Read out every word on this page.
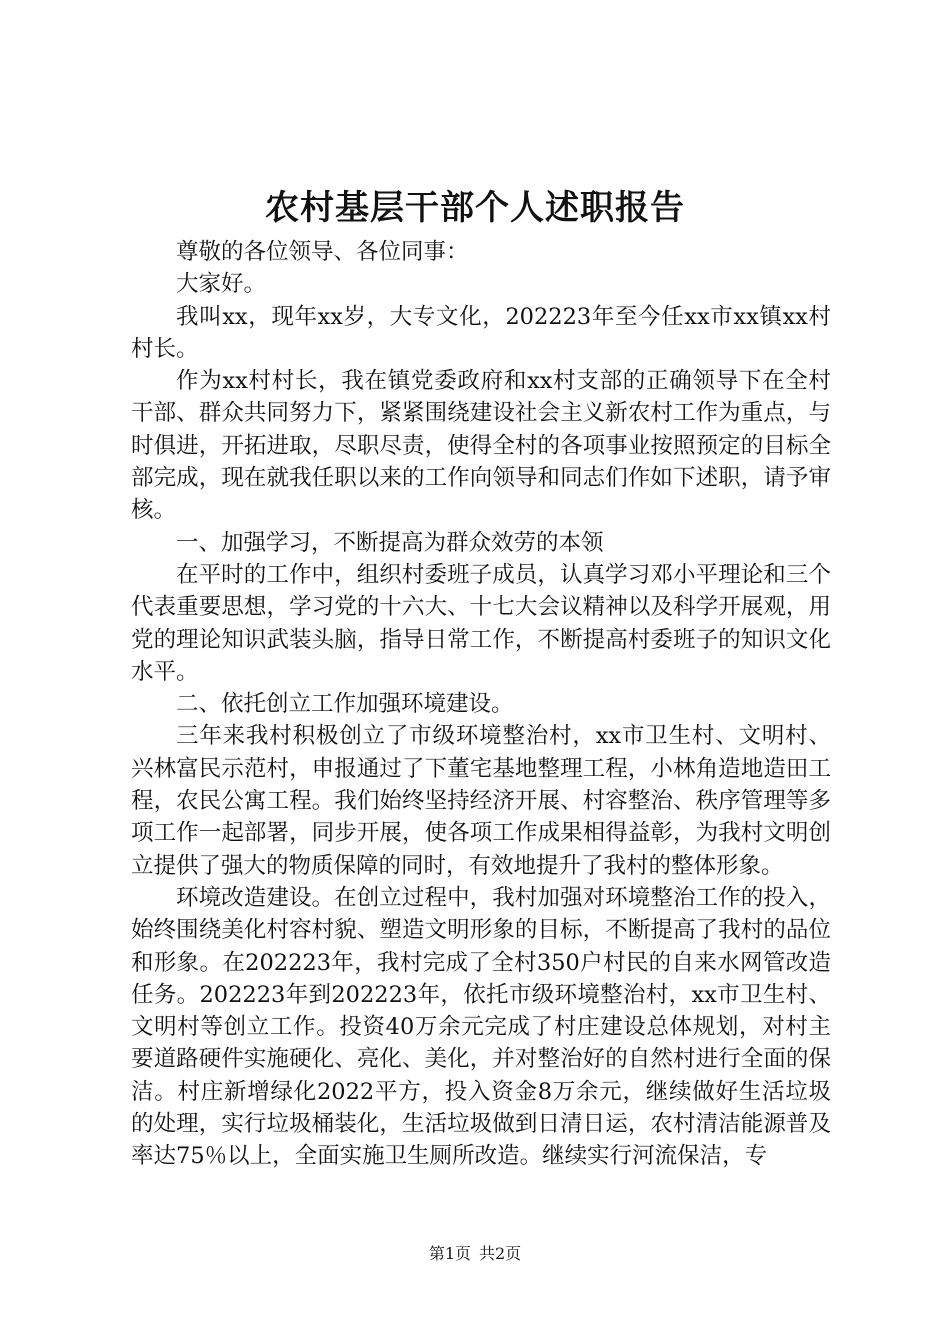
农村基层干部个人述职报告

尊敬的各位领导、各位同事：

大家好。

我叫xx，现年xx岁，大专文化，202223年至今任xx市xx镇xx村村长。

作为xx村村长，我在镇党委政府和xx村支部的正确领导下在全村干部、群众共同努力下，紧紧围绕建设社会主义新农村工作为重点，与时俱进，开拓进取，尽职尽责，使得全村的各项事业按照预定的目标全部完成，现在就我任职以来的工作向领导和同志们作如下述职，请予审核。

一、加强学习，不断提高为群众效劳的本领

在平时的工作中，组织村委班子成员，认真学习邓小平理论和三个代表重要思想，学习党的十六大、十七大会议精神以及科学开展观，用党的理论知识武装头脑，指导日常工作，不断提高村委班子的知识文化水平。

二、依托创立工作加强环境建设。

三年来我村积极创立了市级环境整治村，xx市卫生村、文明村、兴林富民示范村，申报通过了下董宅基地整理工程，小林角造地造田工程，农民公寓工程。我们始终坚持经济开展、村容整治、秩序管理等多项工作一起部署，同步开展，使各项工作成果相得益彰，为我村文明创立提供了强大的物质保障的同时，有效地提升了我村的整体形象。

环境改造建设。在创立过程中，我村加强对环境整治工作的投入，始终围绕美化村容村貌、塑造文明形象的目标，不断提高了我村的品位和形象。在202223年，我村完成了全村350户村民的自来水网管改造任务。202223年到202223年，依托市级环境整治村，xx市卫生村、文明村等创立工作。投资40万余元完成了村庄建设总体规划，对村主要道路硬件实施硬化、亮化、美化，并对整治好的自然村进行全面的保洁。村庄新增绿化2022平方，投入资金8万余元，继续做好生活垃圾的处理，实行垃圾桶装化，生活垃圾做到日清日运，农村清洁能源普及率达75％以上，全面实施卫生厕所改造。继续实行河流保洁，专

第1页 共2页
